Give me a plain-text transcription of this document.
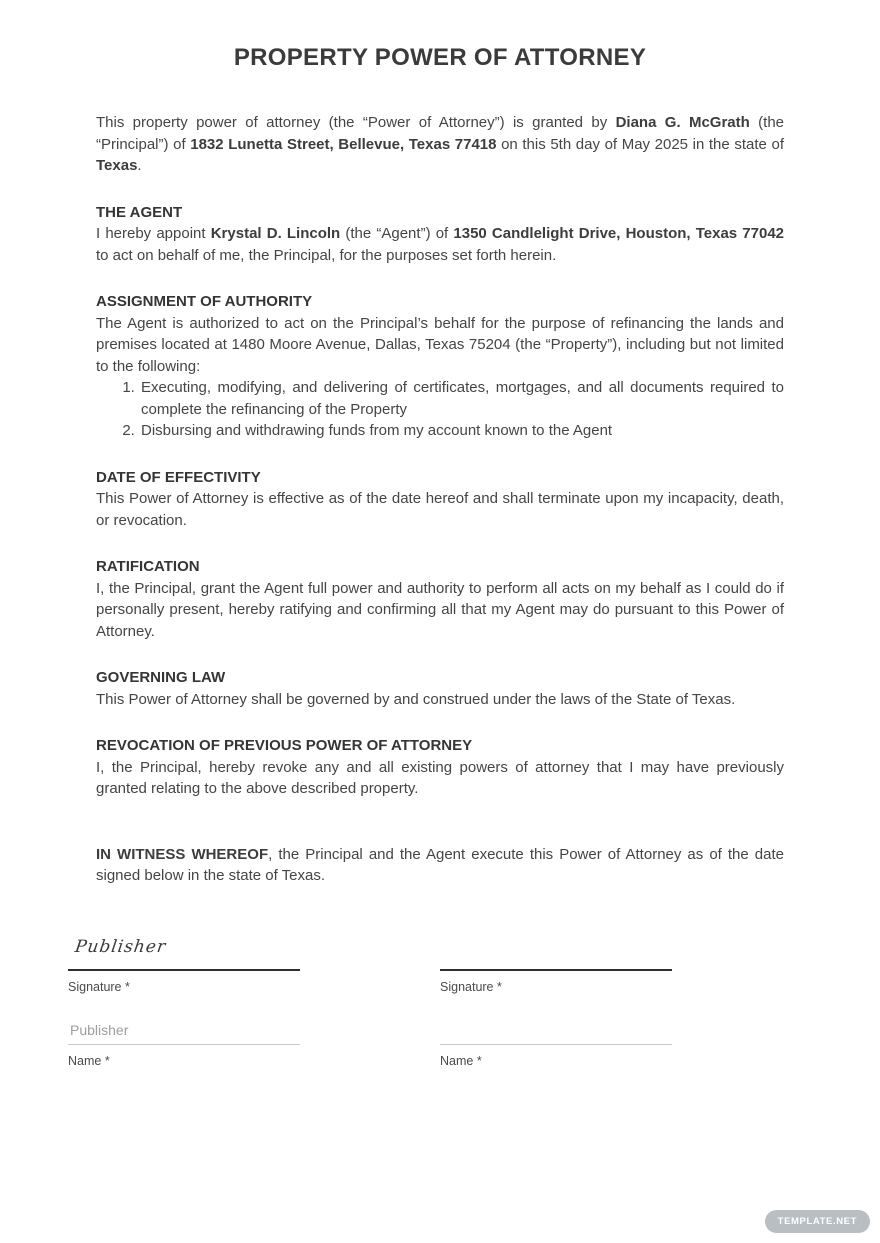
PROPERTY POWER OF ATTORNEY

This property power of attorney (the “Power of Attorney”) is granted by Diana G. McGrath (the “Principal”) of 1832 Lunetta Street, Bellevue, Texas 77418 on this 5th day of May 2025 in the state of Texas.

THE AGENT

I hereby appoint Krystal D. Lincoln (the “Agent”) of 1350 Candlelight Drive, Houston, Texas 77042 to act on behalf of me, the Principal, for the purposes set forth herein.

ASSIGNMENT OF AUTHORITY

The Agent is authorized to act on the Principal’s behalf for the purpose of refinancing the lands and premises located at 1480 Moore Avenue, Dallas, Texas 75204 (the “Property”), including but not limited to the following:

1. Executing, modifying, and delivering of certificates, mortgages, and all documents required to complete the refinancing of the Property
2. Disbursing and withdrawing funds from my account known to the Agent
DATE OF EFFECTIVITY

This Power of Attorney is effective as of the date hereof and shall terminate upon my incapacity, death, or revocation.

RATIFICATION

I, the Principal, grant the Agent full power and authority to perform all acts on my behalf as I could do if personally present, hereby ratifying and confirming all that my Agent may do pursuant to this Power of Attorney.

GOVERNING LAW

This Power of Attorney shall be governed by and construed under the laws of the State of Texas.

REVOCATION OF PREVIOUS POWER OF ATTORNEY

I, the Principal, hereby revoke any and all existing powers of attorney that I may have previously granted relating to the above described property.

IN WITNESS WHEREOF, the Principal and the Agent execute this Power of Attorney as of the date signed below in the state of Texas.

Publisher
Signature *
Publisher
Name *
Signature *
Name *
TEMPLATE.NET
